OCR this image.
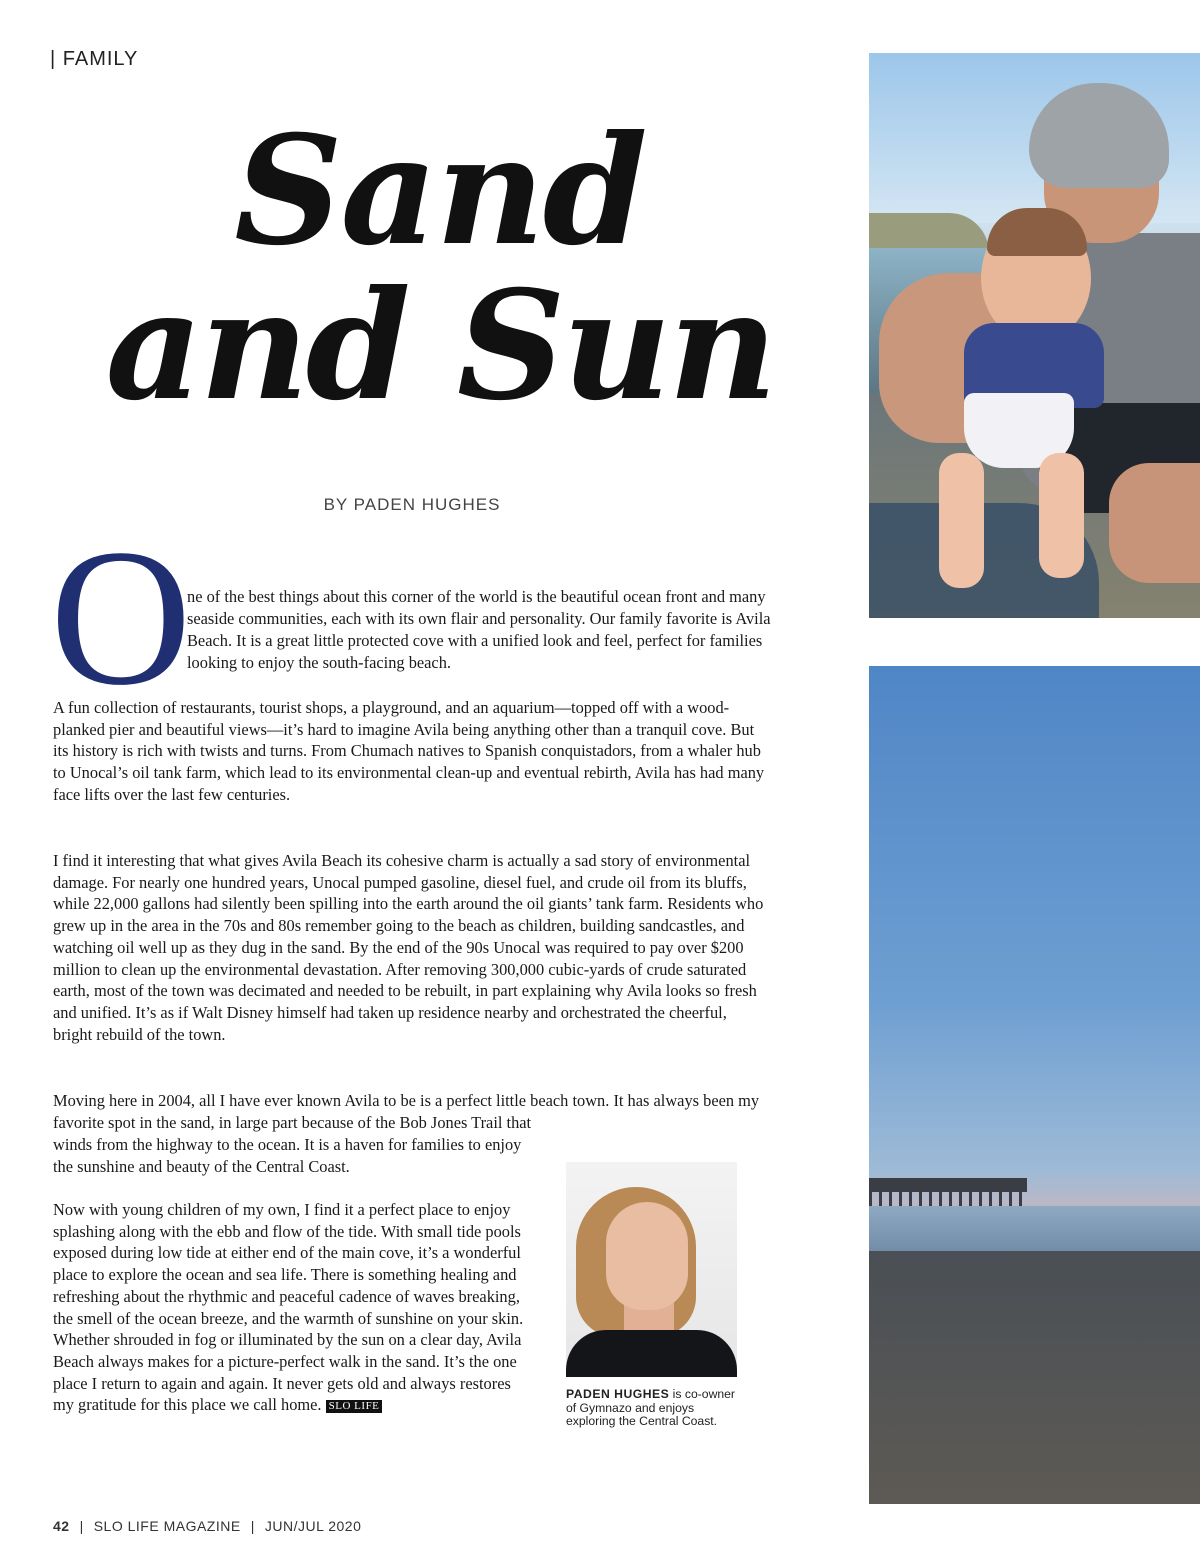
| FAMILY
Sand
and Sun
BY PADEN HUGHES
O

ne of the best things about this corner of the world is the beautiful ocean front and many seaside communities, each with its own flair and personality. Our family favorite is Avila Beach. It is a great little protected cove with a unified look and feel, perfect for families looking to enjoy the south-facing beach.

A fun collection of restaurants, tourist shops, a playground, and an aquarium—topped off with a wood-planked pier and beautiful views—it’s hard to imagine Avila being anything other than a tranquil cove. But its history is rich with twists and turns. From Chumach natives to Spanish conquistadors, from a whaler hub to Unocal’s oil tank farm, which lead to its environmental clean-up and eventual rebirth, Avila has had many face lifts over the last few centuries.

I find it interesting that what gives Avila Beach its cohesive charm is actually a sad story of environmental damage. For nearly one hundred years, Unocal pumped gasoline, diesel fuel, and crude oil from its bluffs, while 22,000 gallons had silently been spilling into the earth around the oil giants’ tank farm. Residents who grew up in the area in the 70s and 80s remember going to the beach as children, building sandcastles, and watching oil well up as they dug in the sand. By the end of the 90s Unocal was required to pay over $200 million to clean up the environmental devastation. After removing 300,000 cubic-yards of crude saturated earth, most of the town was decimated and needed to be rebuilt, in part explaining why Avila looks so fresh and unified. It’s as if Walt Disney himself had taken up residence nearby and orchestrated the cheerful, bright rebuild of the town.

Moving here in 2004, all I have ever known Avila to be is a perfect little beach town. It has always been my favorite spot in the sand, in large part because of the Bob Jones Trail that

winds from the highway to the ocean. It is a haven for families to enjoy the sunshine and beauty of the Central Coast.

Now with young children of my own, I find it a perfect place to enjoy splashing along with the ebb and flow of the tide. With small tide pools exposed during low tide at either end of the main cove, it’s a wonderful place to explore the ocean and sea life. There is something healing and refreshing about the rhythmic and peaceful cadence of waves breaking, the smell of the ocean breeze, and the warmth of sunshine on your skin. Whether shrouded in fog or illuminated by the sun on a clear day, Avila Beach always makes for a picture-perfect walk in the sand. It’s the one place I return to again and again. It never gets old and always restores my gratitude for this place we call home. SLO LIFE

PADEN HUGHES is co-owner of Gymnazo and enjoys exploring the Central Coast.
42 | SLO LIFE MAGAZINE | JUN/JUL 2020
